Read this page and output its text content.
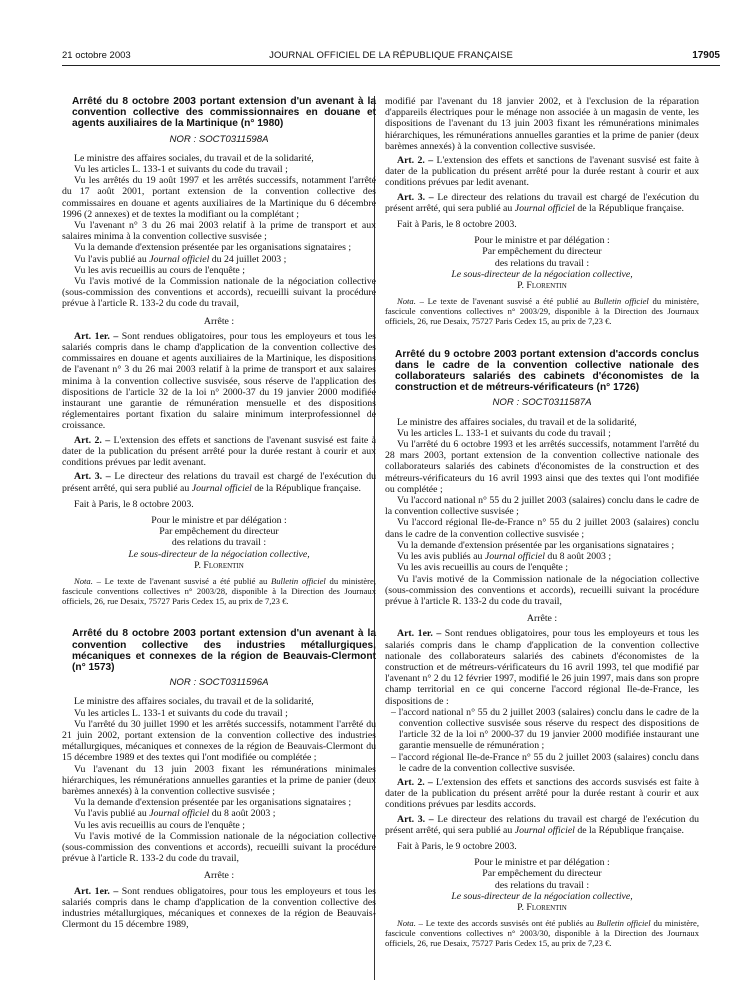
21 octobre 2003	JOURNAL OFFICIEL DE LA RÉPUBLIQUE FRANÇAISE	17905
Arrêté du 8 octobre 2003 portant extension d'un avenant à la convention collective des commissionnaires en douane et agents auxiliaires de la Martinique (n° 1980)
NOR : SOCT0311598A

Le ministre des affaires sociales, du travail et de la solidarité,

Vu les articles L. 133-1 et suivants du code du travail ;

Vu les arrêtés du 19 août 1997 et les arrêtés successifs, notamment l'arrêté du 17 août 2001, portant extension de la convention collective des commissaires en douane et agents auxiliaires de la Martinique du 6 décembre 1996 (2 annexes) et de textes la modifiant ou la complétant ;

Vu l'avenant n° 3 du 26 mai 2003 relatif à la prime de transport et aux salaires minima à la convention collective susvisée ;

Vu la demande d'extension présentée par les organisations signataires ;

Vu l'avis publié au Journal officiel du 24 juillet 2003 ;

Vu les avis recueillis au cours de l'enquête ;

Vu l'avis motivé de la Commission nationale de la négociation collective (sous-commission des conventions et accords), recueilli suivant la procédure prévue à l'article R. 133-2 du code du travail,

Arrête :

Art. 1er. – Sont rendues obligatoires, pour tous les employeurs et tous les salariés compris dans le champ d'application de la convention collective des commissaires en douane et agents auxiliaires de la Martinique, les dispositions de l'avenant n° 3 du 26 mai 2003 relatif à la prime de transport et aux salaires minima à la convention collective susvisée, sous réserve de l'application des dispositions de l'article 32 de la loi n° 2000-37 du 19 janvier 2000 modifiée instaurant une garantie de rémunération mensuelle et des dispositions réglementaires portant fixation du salaire minimum interprofessionnel de croissance.

Art. 2. – L'extension des effets et sanctions de l'avenant susvisé est faite à dater de la publication du présent arrêté pour la durée restant à courir et aux conditions prévues par ledit avenant.

Art. 3. – Le directeur des relations du travail est chargé de l'exécution du présent arrêté, qui sera publié au Journal officiel de la République française.

Fait à Paris, le 8 octobre 2003.

Pour le ministre et par délégation :
Par empêchement du directeur
des relations du travail :
Le sous-directeur de la négociation collective,
P. Florentin

Nota. – Le texte de l'avenant susvisé a été publié au Bulletin officiel du ministère, fascicule conventions collectives n° 2003/28, disponible à la Direction des Journaux officiels, 26, rue Desaix, 75727 Paris Cedex 15, au prix de 7,23 €.

Arrêté du 8 octobre 2003 portant extension d'un avenant à la convention collective des industries métallurgiques, mécaniques et connexes de la région de Beauvais-Clermont (n° 1573)
NOR : SOCT0311596A

Le ministre des affaires sociales, du travail et de la solidarité,

Vu les articles L. 133-1 et suivants du code du travail ;

Vu l'arrêté du 30 juillet 1990 et les arrêtés successifs, notamment l'arrêté du 21 juin 2002, portant extension de la convention collective des industries métallurgiques, mécaniques et connexes de la région de Beauvais-Clermont du 15 décembre 1989 et des textes qui l'ont modifiée ou complétée ;

Vu l'avenant du 13 juin 2003 fixant les rémunérations minimales hiérarchiques, les rémunérations annuelles garanties et la prime de panier (deux barèmes annexés) à la convention collective susvisée ;

Vu la demande d'extension présentée par les organisations signataires ;

Vu l'avis publié au Journal officiel du 8 août 2003 ;

Vu les avis recueillis au cours de l'enquête ;

Vu l'avis motivé de la Commission nationale de la négociation collective (sous-commission des conventions et accords), recueilli suivant la procédure prévue à l'article R. 133-2 du code du travail,

Arrête :

Art. 1er. – Sont rendues obligatoires, pour tous les employeurs et tous les salariés compris dans le champ d'application de la convention collective des industries métallurgiques, mécaniques et connexes de la région de Beauvais-Clermont du 15 décembre 1989,

modifié par l'avenant du 18 janvier 2002, et à l'exclusion de la réparation d'appareils électriques pour le ménage non associée à un magasin de vente, les dispositions de l'avenant du 13 juin 2003 fixant les rémunérations minimales hiérarchiques, les rémunérations annuelles garanties et la prime de panier (deux barèmes annexés) à la convention collective susvisée.

Art. 2. – L'extension des effets et sanctions de l'avenant susvisé est faite à dater de la publication du présent arrêté pour la durée restant à courir et aux conditions prévues par ledit avenant.

Art. 3. – Le directeur des relations du travail est chargé de l'exécution du présent arrêté, qui sera publié au Journal officiel de la République française.

Fait à Paris, le 8 octobre 2003.

Pour le ministre et par délégation :
Par empêchement du directeur
des relations du travail :
Le sous-directeur de la négociation collective,
P. Florentin

Nota. – Le texte de l'avenant susvisé a été publié au Bulletin officiel du ministère, fascicule conventions collectives n° 2003/29, disponible à la Direction des Journaux officiels, 26, rue Desaix, 75727 Paris Cedex 15, au prix de 7,23 €.

Arrêté du 9 octobre 2003 portant extension d'accords conclus dans le cadre de la convention collective nationale des collaborateurs salariés des cabinets d'économistes de la construction et de métreurs-vérificateurs (n° 1726)
NOR : SOCT0311587A

Le ministre des affaires sociales, du travail et de la solidarité,

Vu les articles L. 133-1 et suivants du code du travail ;

Vu l'arrêté du 6 octobre 1993 et les arrêtés successifs, notamment l'arrêté du 28 mars 2003, portant extension de la convention collective nationale des collaborateurs salariés des cabinets d'économistes de la construction et des métreurs-vérificateurs du 16 avril 1993 ainsi que des textes qui l'ont modifiée ou complétée ;

Vu l'accord national n° 55 du 2 juillet 2003 (salaires) conclu dans le cadre de la convention collective susvisée ;

Vu l'accord régional Ile-de-France n° 55 du 2 juillet 2003 (salaires) conclu dans le cadre de la convention collective susvisée ;

Vu la demande d'extension présentée par les organisations signataires ;

Vu les avis publiés au Journal officiel du 8 août 2003 ;

Vu les avis recueillis au cours de l'enquête ;

Vu l'avis motivé de la Commission nationale de la négociation collective (sous-commission des conventions et accords), recueilli suivant la procédure prévue à l'article R. 133-2 du code du travail,

Arrête :

Art. 1er. – Sont rendues obligatoires, pour tous les employeurs et tous les salariés compris dans le champ d'application de la convention collective nationale des collaborateurs salariés des cabinets d'économistes de la construction et de métreurs-vérificateurs du 16 avril 1993, tel que modifié par l'avenant n° 2 du 12 février 1997, modifié le 26 juin 1997, mais dans son propre champ territorial en ce qui concerne l'accord régional Ile-de-France, les dispositions de :

– l'accord national n° 55 du 2 juillet 2003 (salaires) conclu dans le cadre de la convention collective susvisée sous réserve du respect des dispositions de l'article 32 de la loi n° 2000-37 du 19 janvier 2000 modifiée instaurant une garantie mensuelle de rémunération ;
– l'accord régional Ile-de-France n° 55 du 2 juillet 2003 (salaires) conclu dans le cadre de la convention collective susvisée.

Art. 2. – L'extension des effets et sanctions des accords susvisés est faite à dater de la publication du présent arrêté pour la durée restant à courir et aux conditions prévues par lesdits accords.

Art. 3. – Le directeur des relations du travail est chargé de l'exécution du présent arrêté, qui sera publié au Journal officiel de la République française.

Fait à Paris, le 9 octobre 2003.

Pour le ministre et par délégation :
Par empêchement du directeur
des relations du travail :
Le sous-directeur de la négociation collective,
P. Florentin

Nota. – Le texte des accords susvisés ont été publiés au Bulletin officiel du ministère, fascicule conventions collectives n° 2003/30, disponible à la Direction des Journaux officiels, 26, rue Desaix, 75727 Paris Cedex 15, au prix de 7,23 €.
